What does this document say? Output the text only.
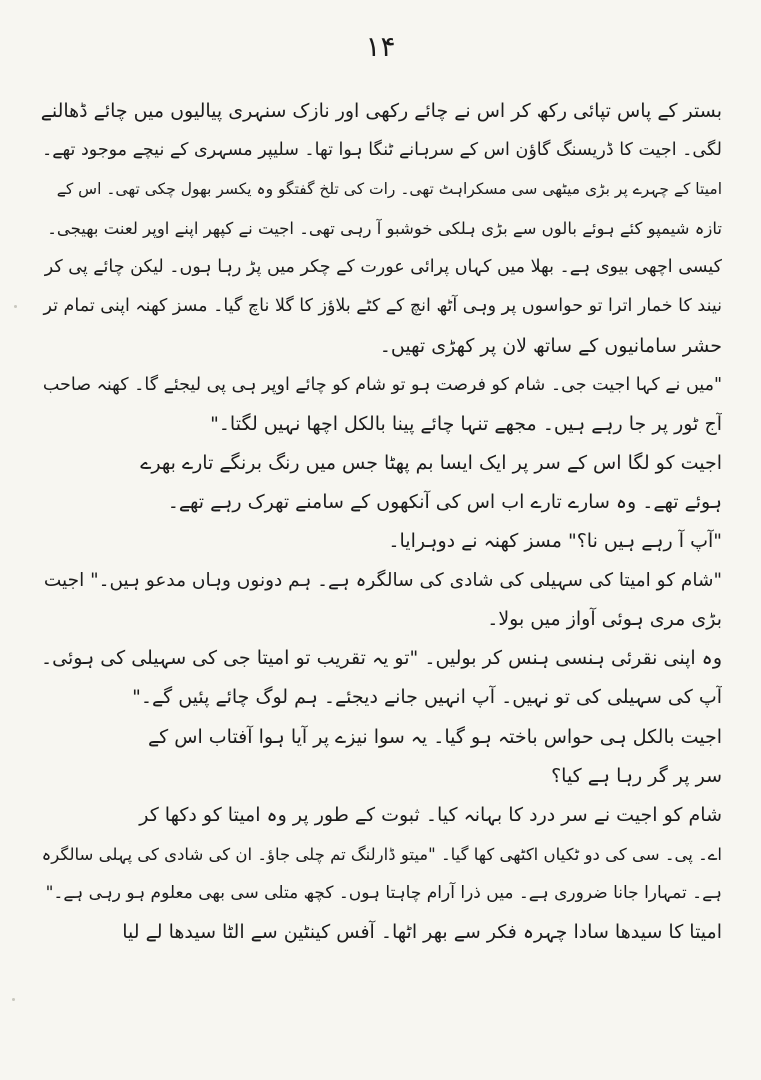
۱۴
بستر کے پاس تپائی رکھ کر اس نے چائے رکھی اور نازک سنہری پیالیوں میں چائے ڈھالنے
لگی۔ اجیت کا ڈریسنگ گاؤن اس کے سرہانے ٹنگا ہوا تھا۔ سلیپر مسہری کے نیچے موجود تھے۔
امیتا کے چہرے پر بڑی میٹھی سی مسکراہٹ تھی۔ رات کی تلخ گفتگو وہ یکسر بھول چکی تھی۔ اس کے
تازہ شیمپو کئے ہوئے بالوں سے بڑی ہلکی خوشبو آ رہی تھی۔ اجیت نے کپھر اپنے اوپر لعنت بھیجی۔
کیسی اچھی بیوی ہے۔ بھلا میں کہاں پرائی عورت کے چکر میں پڑ رہا ہوں۔ لیکن چائے پی کر
نیند کا خمار اترا تو حواسوں پر وہی آٹھ انچ کے کٹے بلاؤز کا گلا ناچ گیا۔ مسز کھنہ اپنی تمام تر
حشر سامانیوں کے ساتھ لان پر کھڑی تھیں۔
"میں نے کہا اجیت جی۔ شام کو فرصت ہو تو شام کو چائے اوپر ہی پی لیجئے گا۔ کھنہ صاحب
آج ٹور پر جا رہے ہیں۔ مجھے تنہا چائے پینا بالکل اچھا نہیں لگتا۔"
اجیت کو لگا اس کے سر پر ایک ایسا بم پھٹا جس میں رنگ برنگے تارے بھرے
ہوئے تھے۔ وہ سارے تارے اب اس کی آنکھوں کے سامنے تھرک رہے تھے۔
"آپ آ رہے ہیں نا؟" مسز کھنہ نے دوہرایا۔
"شام کو امیتا کی سہیلی کی شادی کی سالگرہ ہے۔ ہم دونوں وہاں مدعو ہیں۔" اجیت
بڑی مری ہوئی آواز میں بولا۔
وہ اپنی نقرئی ہنسی ہنس کر بولیں۔ "تو یہ تقریب تو امیتا جی کی سہیلی کی ہوئی۔
آپ کی سہیلی کی تو نہیں۔ آپ انہیں جانے دیجئے۔ ہم لوگ چائے پئیں گے۔"
اجیت بالکل ہی حواس باختہ ہو گیا۔ یہ سوا نیزے پر آیا ہوا آفتاب اس کے
سر پر گر رہا ہے کیا؟
شام کو اجیت نے سر درد کا بہانہ کیا۔ ثبوت کے طور پر وہ امیتا کو دکھا کر
اے۔ پی۔ سی کی دو ٹکیاں اکٹھی کھا گیا۔ "میتو ڈارلنگ تم چلی جاؤ۔ ان کی شادی کی پہلی سالگرہ
ہے۔ تمہارا جانا ضروری ہے۔ میں ذرا آرام چاہتا ہوں۔ کچھ متلی سی بھی معلوم ہو رہی ہے۔"
امیتا کا سیدھا سادا چہرہ فکر سے بھر اٹھا۔ آفس کینٹین سے الٹا سیدھا لے لیا
